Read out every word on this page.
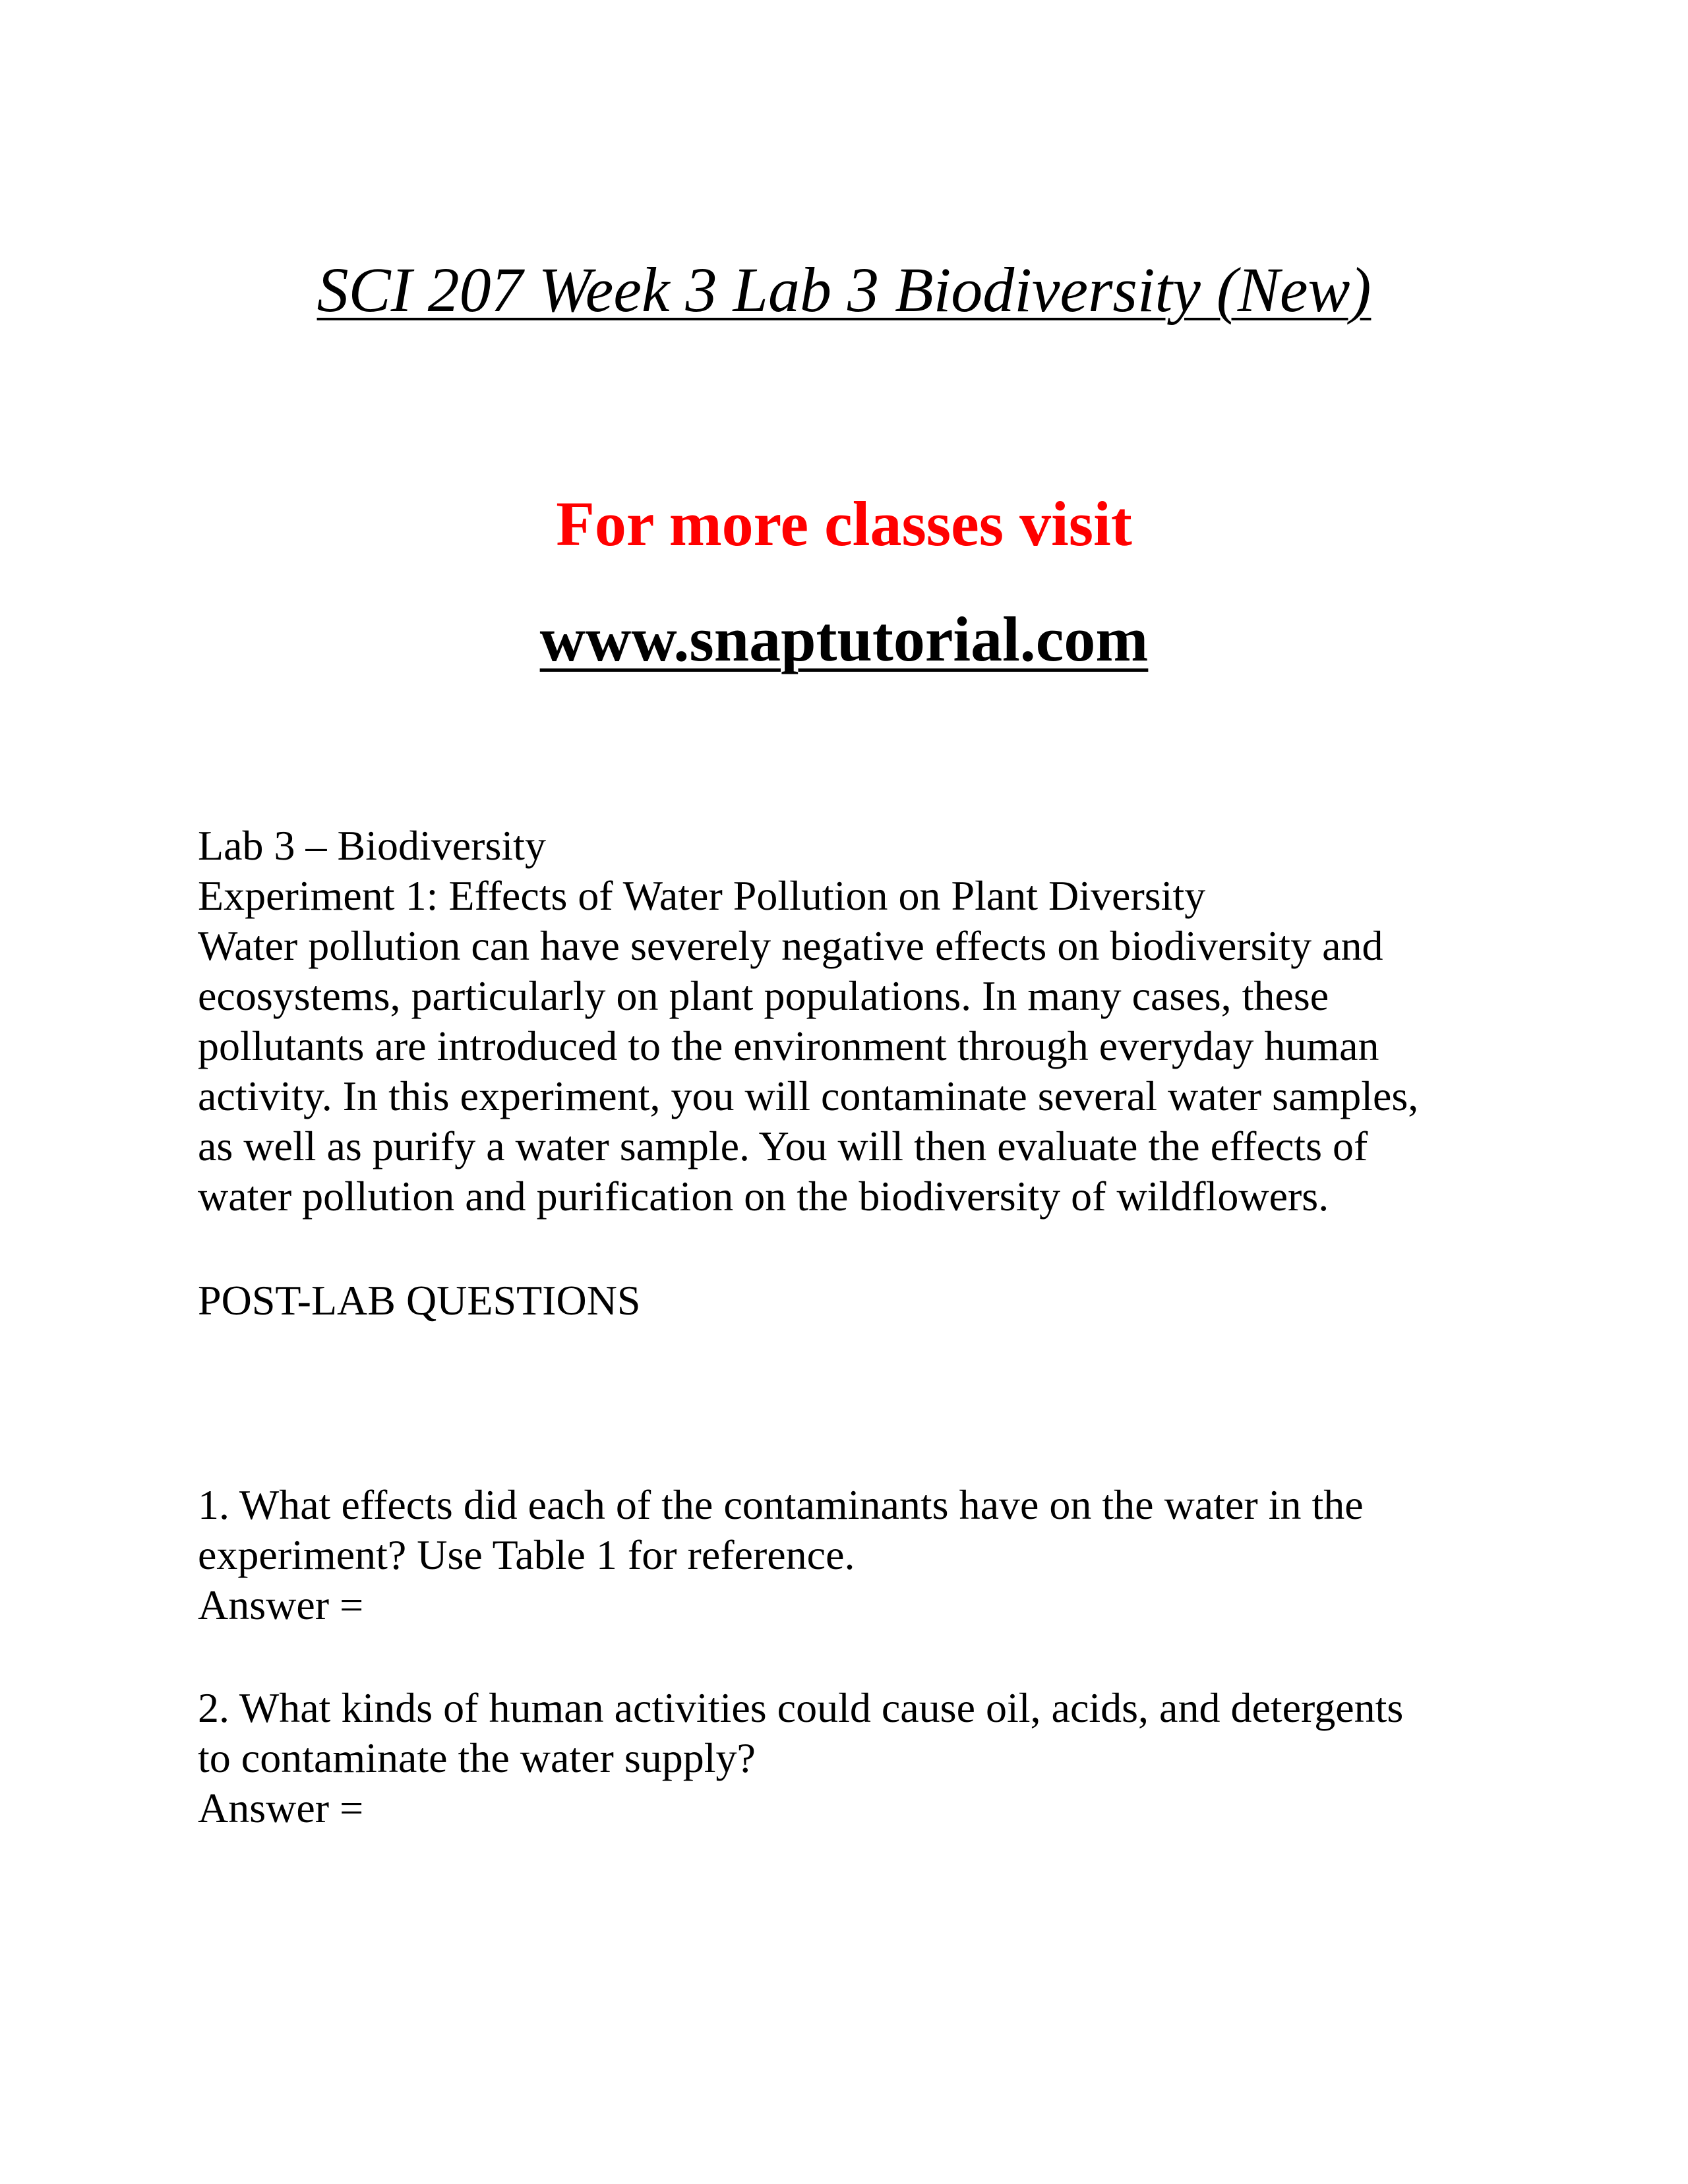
SCI 207 Week 3 Lab 3 Biodiversity (New)
For more classes visit
www.snaptutorial.com
Lab 3 – Biodiversity
Experiment 1: Effects of Water Pollution on Plant Diversity
Water pollution can have severely negative effects on biodiversity and
ecosystems, particularly on plant populations. In many cases, these
pollutants are introduced to the environment through everyday human
activity. In this experiment, you will contaminate several water samples,
as well as purify a water sample. You will then evaluate the effects of
water pollution and purification on the biodiversity of wildflowers.
POST-LAB QUESTIONS
1. What effects did each of the contaminants have on the water in the
experiment? Use Table 1 for reference.
Answer =
2. What kinds of human activities could cause oil, acids, and detergents
to contaminate the water supply?
Answer =
